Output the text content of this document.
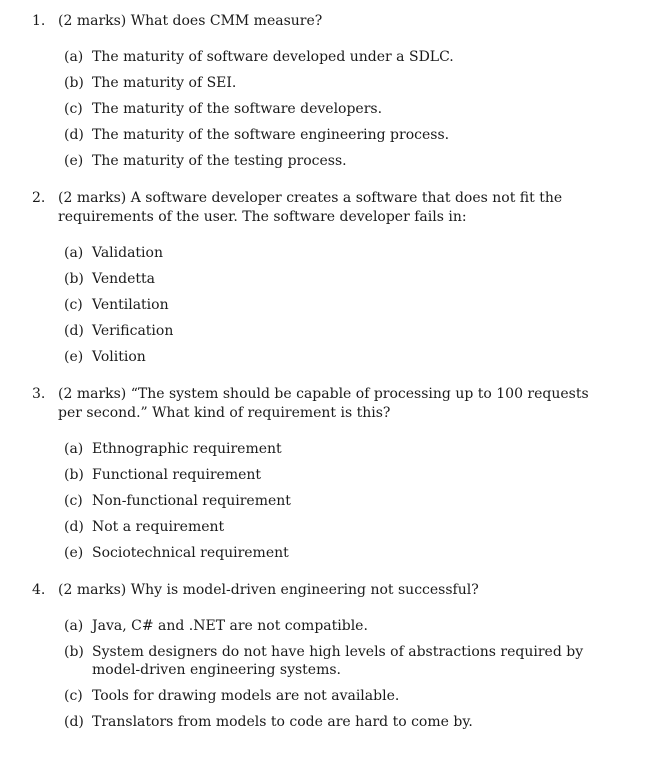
1. (2 marks) What does CMM measure?
(a) The maturity of software developed under a SDLC.
(b) The maturity of SEI.
(c) The maturity of the software developers.
(d) The maturity of the software engineering process.
(e) The maturity of the testing process.
2. (2 marks) A software developer creates a software that does not fit the requirements of the user. The software developer fails in:
(a) Validation
(b) Vendetta
(c) Ventilation
(d) Verification
(e) Volition
3. (2 marks) “The system should be capable of processing up to 100 requests per second.” What kind of requirement is this?
(a) Ethnographic requirement
(b) Functional requirement
(c) Non-functional requirement
(d) Not a requirement
(e) Sociotechnical requirement
4. (2 marks) Why is model-driven engineering not successful?
(a) Java, C# and .NET are not compatible.
(b) System designers do not have high levels of abstractions required by model-driven engineering systems.
(c) Tools for drawing models are not available.
(d) Translators from models to code are hard to come by.
